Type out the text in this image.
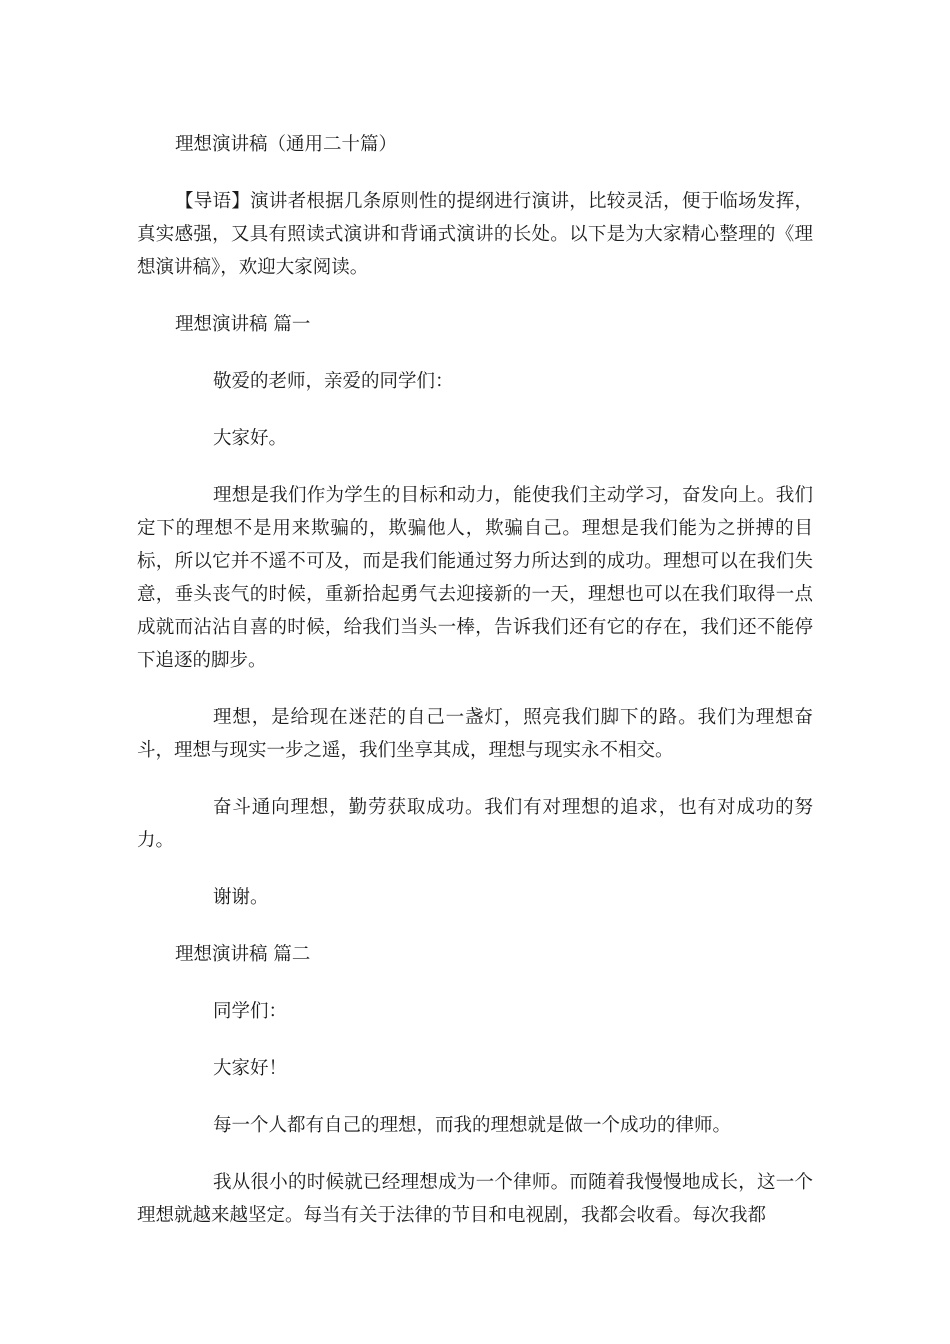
理想演讲稿（通用二十篇）

【导语】演讲者根据几条原则性的提纲进行演讲，比较灵活，便于临场发挥，真实感强，又具有照读式演讲和背诵式演讲的长处。以下是为大家精心整理的《理想演讲稿》，欢迎大家阅读。

理想演讲稿 篇一

敬爱的老师，亲爱的同学们：

大家好。

理想是我们作为学生的目标和动力，能使我们主动学习，奋发向上。我们定下的理想不是用来欺骗的，欺骗他人，欺骗自己。理想是我们能为之拼搏的目标，所以它并不遥不可及，而是我们能通过努力所达到的成功。理想可以在我们失意，垂头丧气的时候，重新拾起勇气去迎接新的一天，理想也可以在我们取得一点成就而沾沾自喜的时候，给我们当头一棒，告诉我们还有它的存在，我们还不能停下追逐的脚步。

理想，是给现在迷茫的自己一盏灯，照亮我们脚下的路。我们为理想奋斗，理想与现实一步之遥，我们坐享其成，理想与现实永不相交。

奋斗通向理想，勤劳获取成功。我们有对理想的追求，也有对成功的努力。

谢谢。

理想演讲稿 篇二

同学们：

大家好！

每一个人都有自己的理想，而我的理想就是做一个成功的律师。

我从很小的时候就已经理想成为一个律师。而随着我慢慢地成长，这一个理想就越来越坚定。每当有关于法律的节目和电视剧，我都会收看。每次我都
